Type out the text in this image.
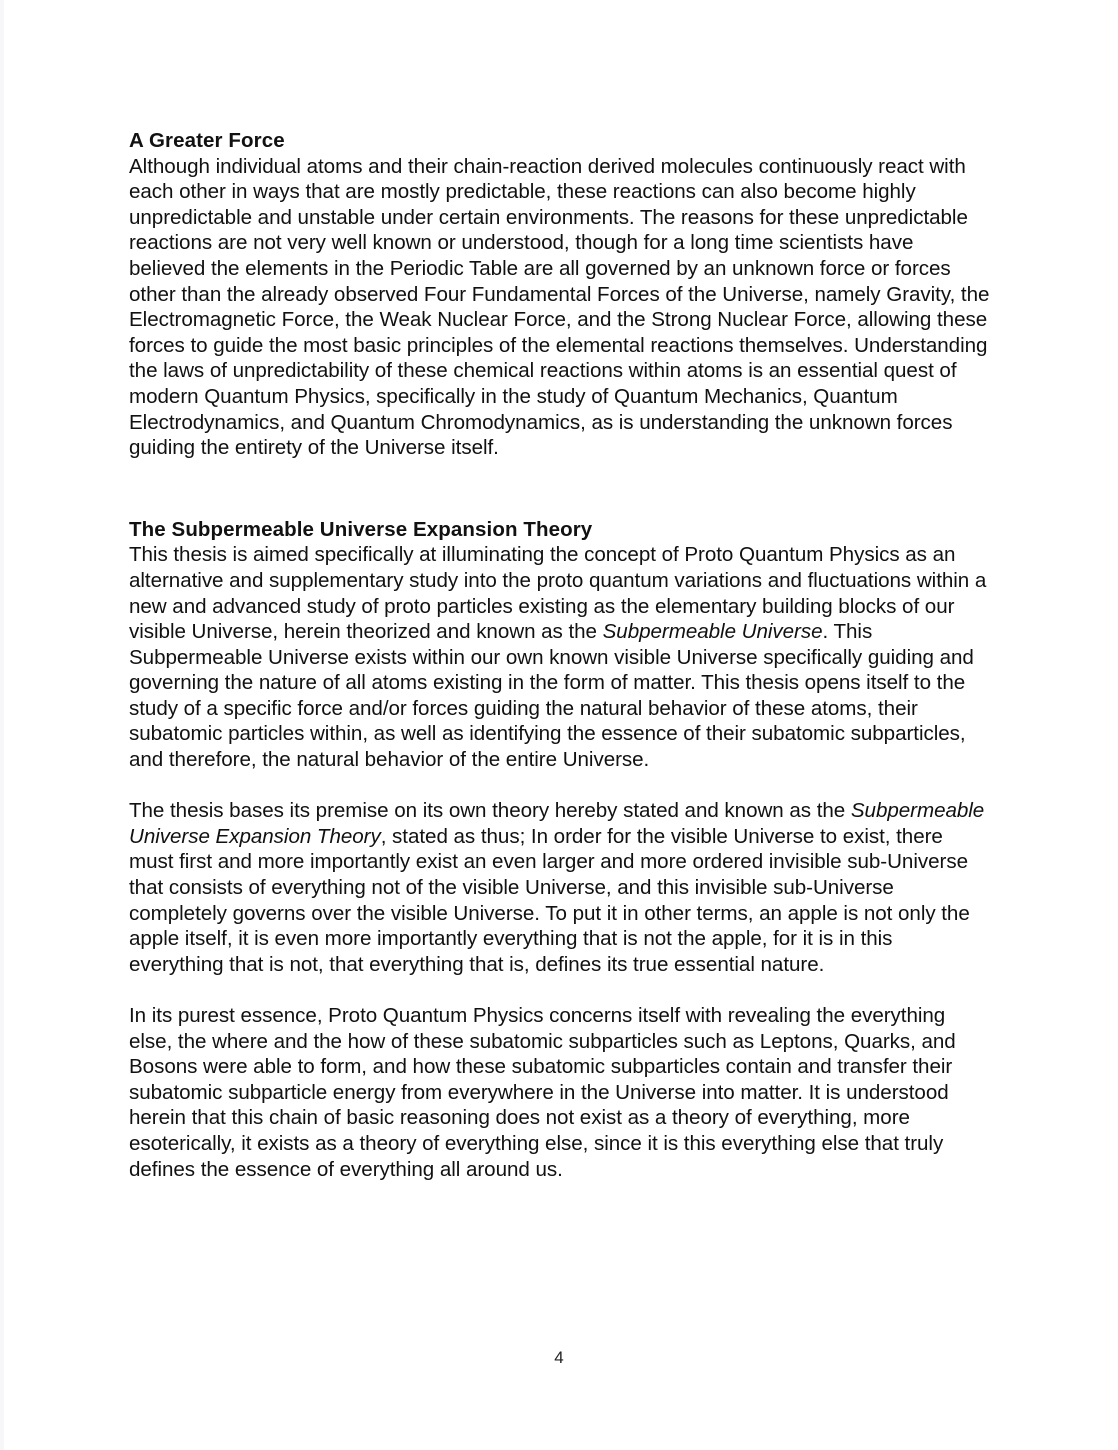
A Greater Force

Although individual atoms and their chain-reaction derived molecules continuously react with each other in ways that are mostly predictable, these reactions can also become highly unpredictable and unstable under certain environments. The reasons for these unpredictable reactions are not very well known or understood, though for a long time scientists have believed the elements in the Periodic Table are all governed by an unknown force or forces other than the already observed Four Fundamental Forces of the Universe, namely Gravity, the Electromagnetic Force, the Weak Nuclear Force, and the Strong Nuclear Force, allowing these forces to guide the most basic principles of the elemental reactions themselves. Understanding the laws of unpredictability of these chemical reactions within atoms is an essential quest of modern Quantum Physics, specifically in the study of Quantum Mechanics, Quantum Electrodynamics, and Quantum Chromodynamics, as is understanding the unknown forces guiding the entirety of the Universe itself.

The Subpermeable Universe Expansion Theory

This thesis is aimed specifically at illuminating the concept of Proto Quantum Physics as an alternative and supplementary study into the proto quantum variations and fluctuations within a new and advanced study of proto particles existing as the elementary building blocks of our visible Universe, herein theorized and known as the Subpermeable Universe. This Subpermeable Universe exists within our own known visible Universe specifically guiding and governing the nature of all atoms existing in the form of matter. This thesis opens itself to the study of a specific force and/or forces guiding the natural behavior of these atoms, their subatomic particles within, as well as identifying the essence of their subatomic subparticles, and therefore, the natural behavior of the entire Universe.

The thesis bases its premise on its own theory hereby stated and known as the Subpermeable Universe Expansion Theory, stated as thus; In order for the visible Universe to exist, there must first and more importantly exist an even larger and more ordered invisible sub-Universe that consists of everything not of the visible Universe, and this invisible sub-Universe completely governs over the visible Universe. To put it in other terms, an apple is not only the apple itself, it is even more importantly everything that is not the apple, for it is in this everything that is not, that everything that is, defines its true essential nature.

In its purest essence, Proto Quantum Physics concerns itself with revealing the everything else, the where and the how of these subatomic subparticles such as Leptons, Quarks, and Bosons were able to form, and how these subatomic subparticles contain and transfer their subatomic subparticle energy from everywhere in the Universe into matter. It is understood herein that this chain of basic reasoning does not exist as a theory of everything, more esoterically, it exists as a theory of everything else, since it is this everything else that truly defines the essence of everything all around us.

4
